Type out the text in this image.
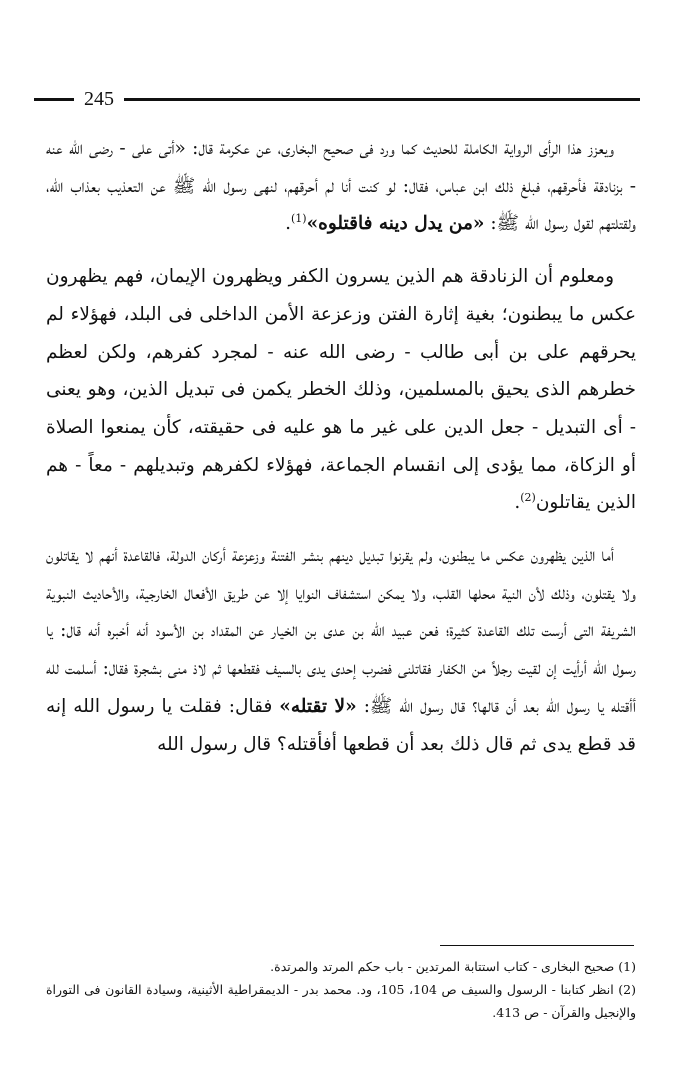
245

ويعزز هذا الرأى الرواية الكاملة للحديث كما ورد فى صحيح البخارى، عن عكرمة قال: «أتى على - رضى الله عنه - بزنادقة فأحرقهم، فبلغ ذلك ابن عباس، فقال: لو كنت أنا لم أحرقهم، لنهى رسول الله ﷺ عن التعذيب بعذاب الله، ولقتلتهم لقول رسول الله ﷺ: «من يدل دينه فاقتلوه»$^{(1)}$.

ومعلوم أن الزنادقة هم الذين يسرون الكفر ويظهرون الإيمان، فهم يظهرون عكس ما يبطنون؛ بغية إثارة الفتن وزعزعة الأمن الداخلى فى البلد، فهؤلاء لم يحرقهم على بن أبى طالب - رضى الله عنه - لمجرد كفرهم، ولكن لعظم خطرهم الذى يحيق بالمسلمين، وذلك الخطر يكمن فى تبديل الذين، وهو يعنى - أى التبديل - جعل الدين على غير ما هو عليه فى حقيقته، كأن يمنعوا الصلاة أو الزكاة، مما يؤدى إلى انقسام الجماعة، فهؤلاء لكفرهم وتبديلهم - معاً - هم الذين يقاتلون$^{(2)}$.

أما الذين يظهرون عكس ما يبطنون، ولم يقرنوا تبديل دينهم بنشر الفتنة وزعزعة أركان الدولة، فالقاعدة أنهم لا يقاتلون ولا يقتلون، وذلك لأن النية محلها القلب، ولا يمكن استشفاف النوايا إلا عن طريق الأفعال الخارجية، والأحاديث النبوية الشريفة التى أرست تلك القاعدة كثيرة؛ فعن عبيد الله بن عدى بن الخيار عن المقداد بن الأسود أنه أخبره أنه قال: يا رسول الله أرأيت إن لقيت رجلاً من الكفار فقاتلنى فضرب إحدى يدى بالسيف فقطعها ثم لاذ منى بشجرة فقال: أسلمت لله أأقتله يا رسول الله بعد أن قالها؟ قال رسول الله ﷺ: «لا تقتله» فقال: فقلت يا رسول الله إنه قد قطع يدى ثم قال ذلك بعد أن قطعها أفأقتله؟ قال رسول الله

(1) صحيح البخارى - كتاب استتابة المرتدين - باب حكم المرتد والمرتدة.

(2) انظر كتابنا - الرسول والسيف ص 104، 105، ود. محمد بدر - الديمقراطية الأثينية، وسيادة القانون فى التوراة والإنجيل والقرآن - ص 413.
